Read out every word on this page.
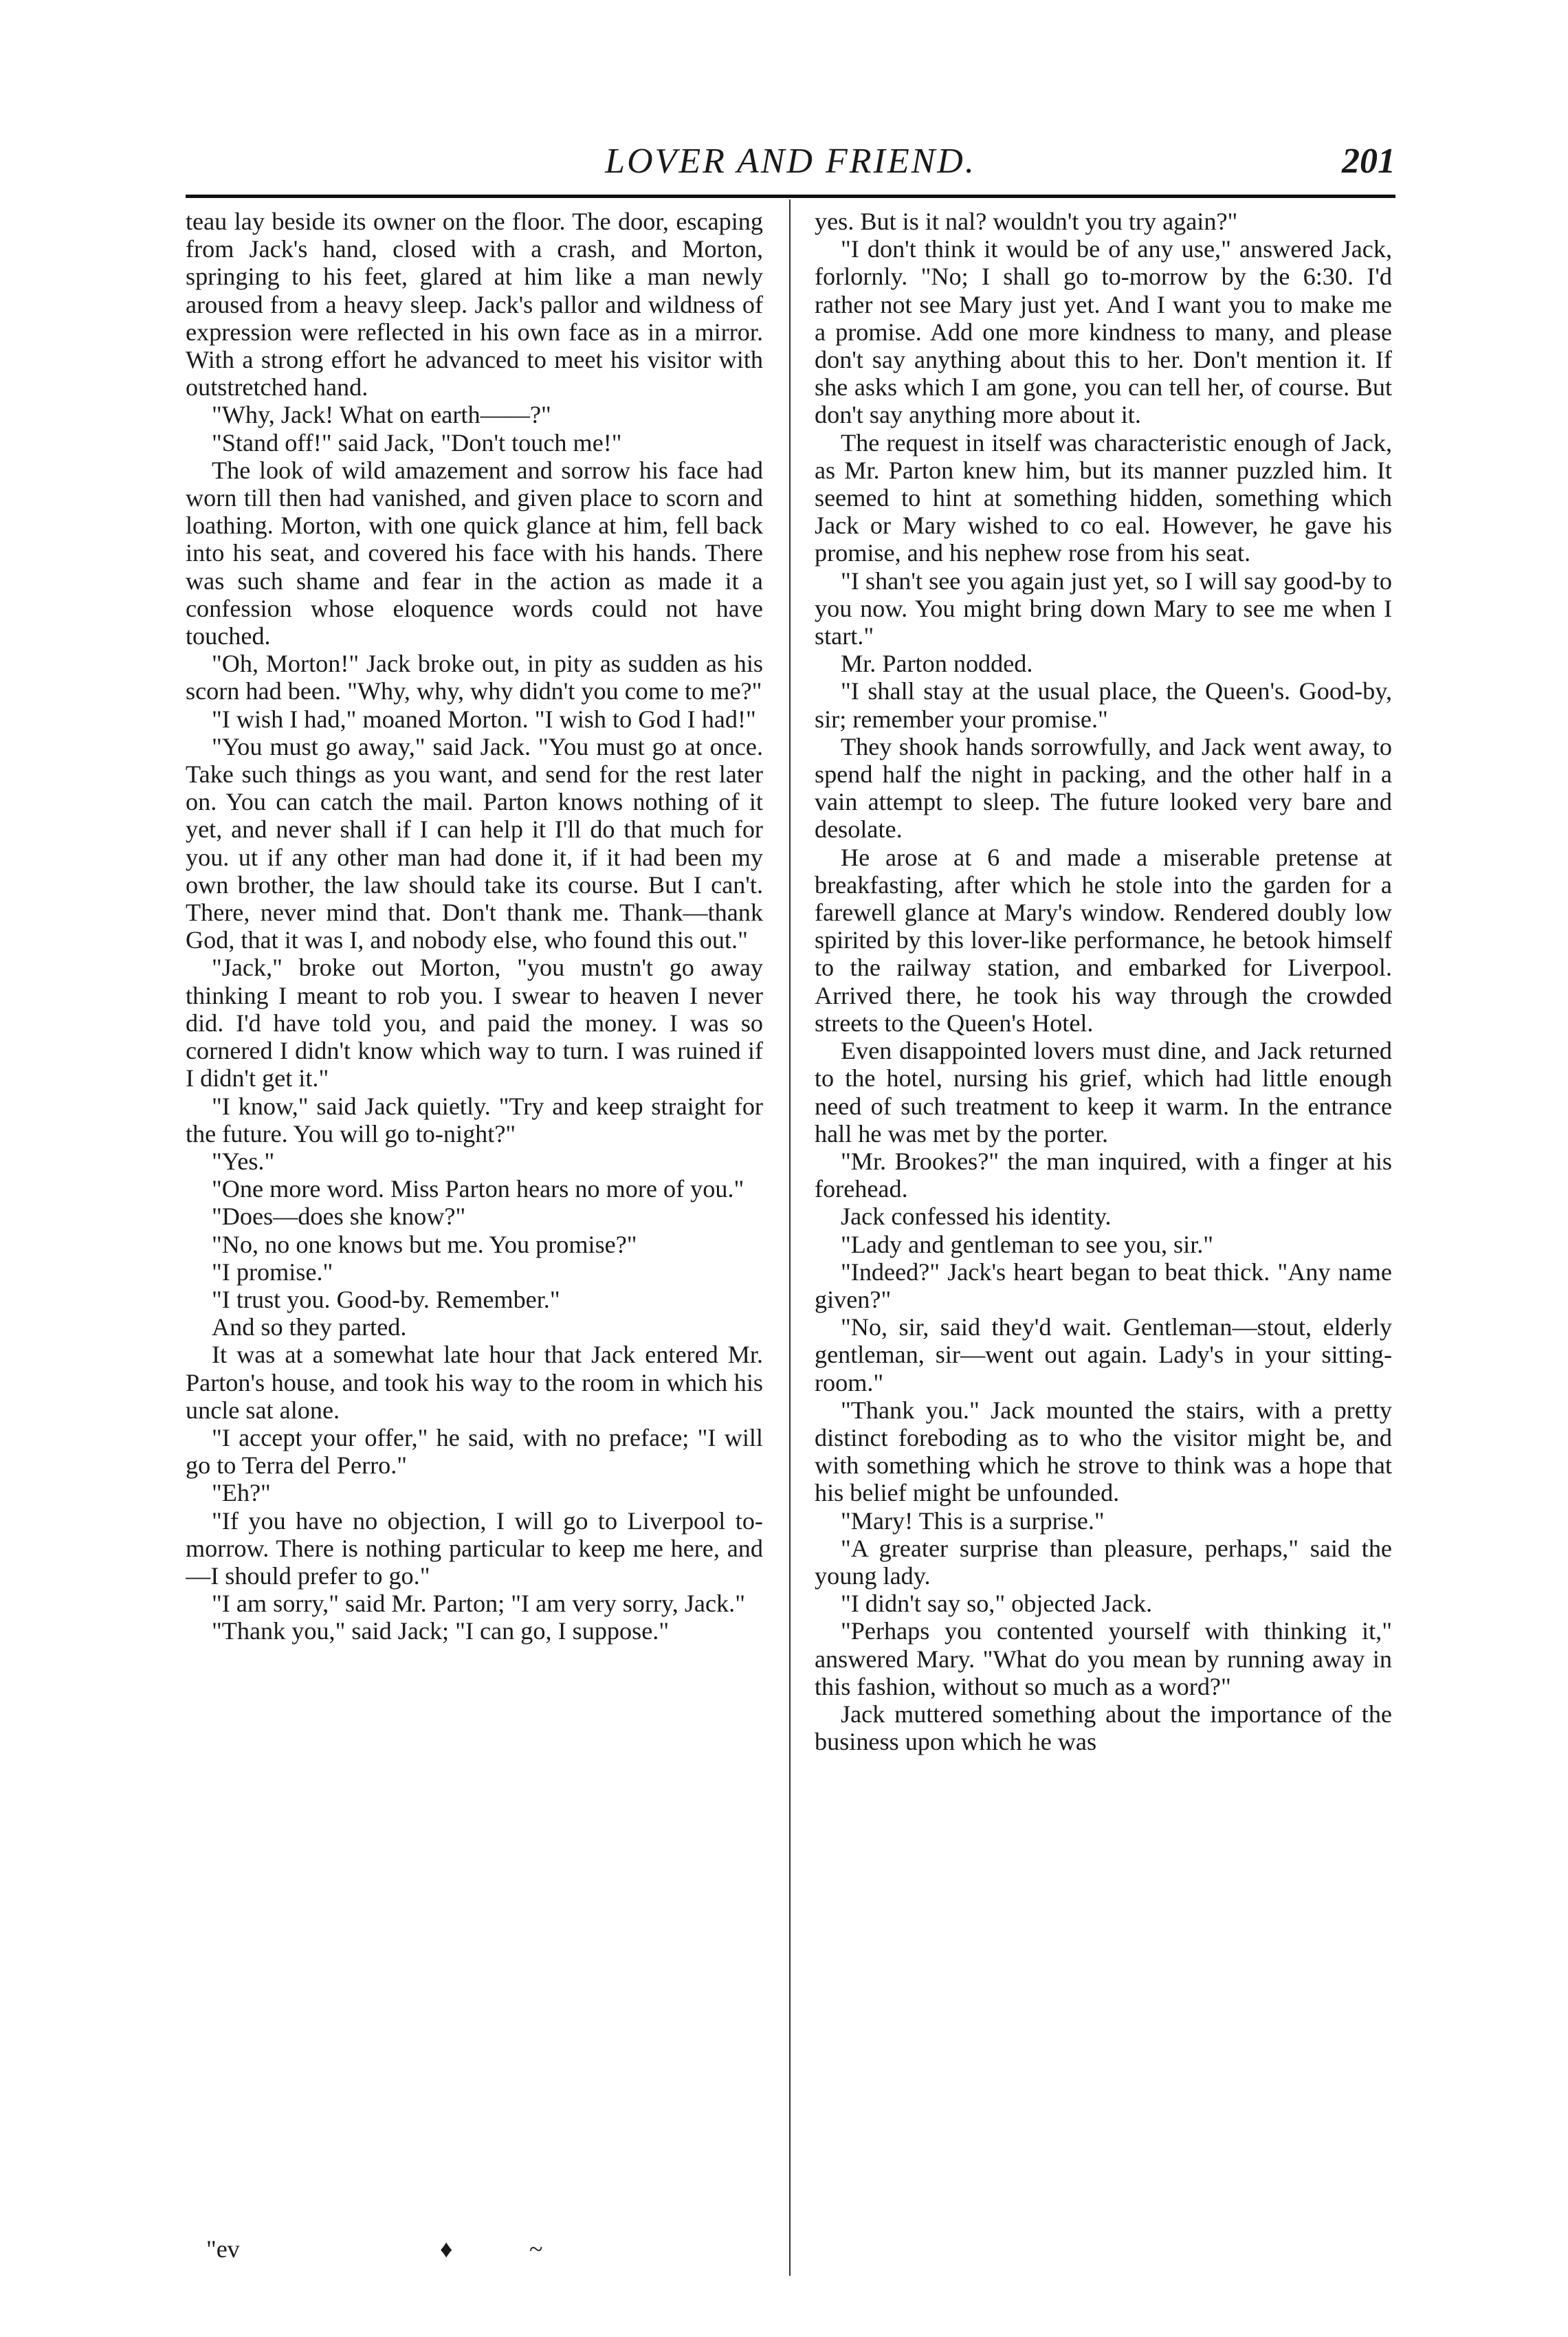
LOVER AND FRIEND.	201

teau lay beside its owner on the floor. The door, escaping from Jack's hand, closed with a crash, and Morton, springing to his feet, glared at him like a man newly aroused from a heavy sleep. Jack's pallor and wildness of expression were reflected in his own face as in a mirror. With a strong effort he advanced to meet his visitor with outstretched hand.

"Why, Jack! What on earth——?"

"Stand off!" said Jack, "Don't touch me!"

The look of wild amazement and sorrow his face had worn till then had vanished, and given place to scorn and loathing. Morton, with one quick glance at him, fell back into his seat, and covered his face with his hands. There was such shame and fear in the action as made it a confession whose eloquence words could not have touched.

"Oh, Morton!" Jack broke out, in pity as sudden as his scorn had been. "Why, why, why didn't you come to me?"

"I wish I had," moaned Morton. "I wish to God I had!"

"You must go away," said Jack. "You must go at once. Take such things as you want, and send for the rest later on. You can catch the mail. Parton knows nothing of it yet, and never shall if I can help it I'll do that much for you. ut if any other man had done it, if it had been my own brother, the law should take its course. But I can't. There, never mind that. Don't thank me. Thank—thank God, that it was I, and nobody else, who found this out."

"Jack," broke out Morton, "you mustn't go away thinking I meant to rob you. I swear to heaven I never did. I'd have told you, and paid the money. I was so cornered I didn't know which way to turn. I was ruined if I didn't get it."

"I know," said Jack quietly. "Try and keep straight for the future. You will go to-night?"

"Yes."

"One more word. Miss Parton hears no more of you."

"Does—does she know?"

"No, no one knows but me. You promise?"

"I promise."

"I trust you. Good-by. Remember."

And so they parted.

It was at a somewhat late hour that Jack entered Mr. Parton's house, and took his way to the room in which his uncle sat alone.

"I accept your offer," he said, with no preface; "I will go to Terra del Perro."

"Eh?"

"If you have no objection, I will go to Liverpool to-morrow. There is nothing particular to keep me here, and—I should prefer to go."

"I am sorry," said Mr. Parton; "I am very sorry, Jack."

"Thank you," said Jack; "I can go, I suppose."

yes. But is it nal? wouldn't you try again?"

"I don't think it would be of any use," answered Jack, forlornly. "No; I shall go to-morrow by the 6:30. I'd rather not see Mary just yet. And I want you to make me a promise. Add one more kindness to many, and please don't say anything about this to her. Don't mention it. If she asks which I am gone, you can tell her, of course. But don't say anything more about it.

The request in itself was characteristic enough of Jack, as Mr. Parton knew him, but its manner puzzled him. It seemed to hint at something hidden, something which Jack or Mary wished to co eal. However, he gave his promise, and his nephew rose from his seat.

"I shan't see you again just yet, so I will say good-by to you now. You might bring down Mary to see me when I start."

Mr. Parton nodded.

"I shall stay at the usual place, the Queen's. Good-by, sir; remember your promise."

They shook hands sorrowfully, and Jack went away, to spend half the night in packing, and the other half in a vain attempt to sleep. The future looked very bare and desolate.

He arose at 6 and made a miserable pretense at breakfasting, after which he stole into the garden for a farewell glance at Mary's window. Rendered doubly low spirited by this lover-like performance, he betook himself to the railway station, and embarked for Liverpool. Arrived there, he took his way through the crowded streets to the Queen's Hotel.

Even disappointed lovers must dine, and Jack returned to the hotel, nursing his grief, which had little enough need of such treatment to keep it warm. In the entrance hall he was met by the porter.

"Mr. Brookes?" the man inquired, with a finger at his forehead.

Jack confessed his identity.

"Lady and gentleman to see you, sir."

"Indeed?" Jack's heart began to beat thick. "Any name given?"

"No, sir, said they'd wait. Gentleman—stout, elderly gentleman, sir—went out again. Lady's in your sitting-room."

"Thank you." Jack mounted the stairs, with a pretty distinct foreboding as to who the visitor might be, and with something which he strove to think was a hope that his belief might be unfounded.

"Mary! This is a surprise."

"A greater surprise than pleasure, perhaps," said the young lady.

"I didn't say so," objected Jack.

"Perhaps you contented yourself with thinking it," answered Mary. "What do you mean by running away in this fashion, without so much as a word?"

Jack muttered something about the importance of the business upon which he was

"ev	♦	~
